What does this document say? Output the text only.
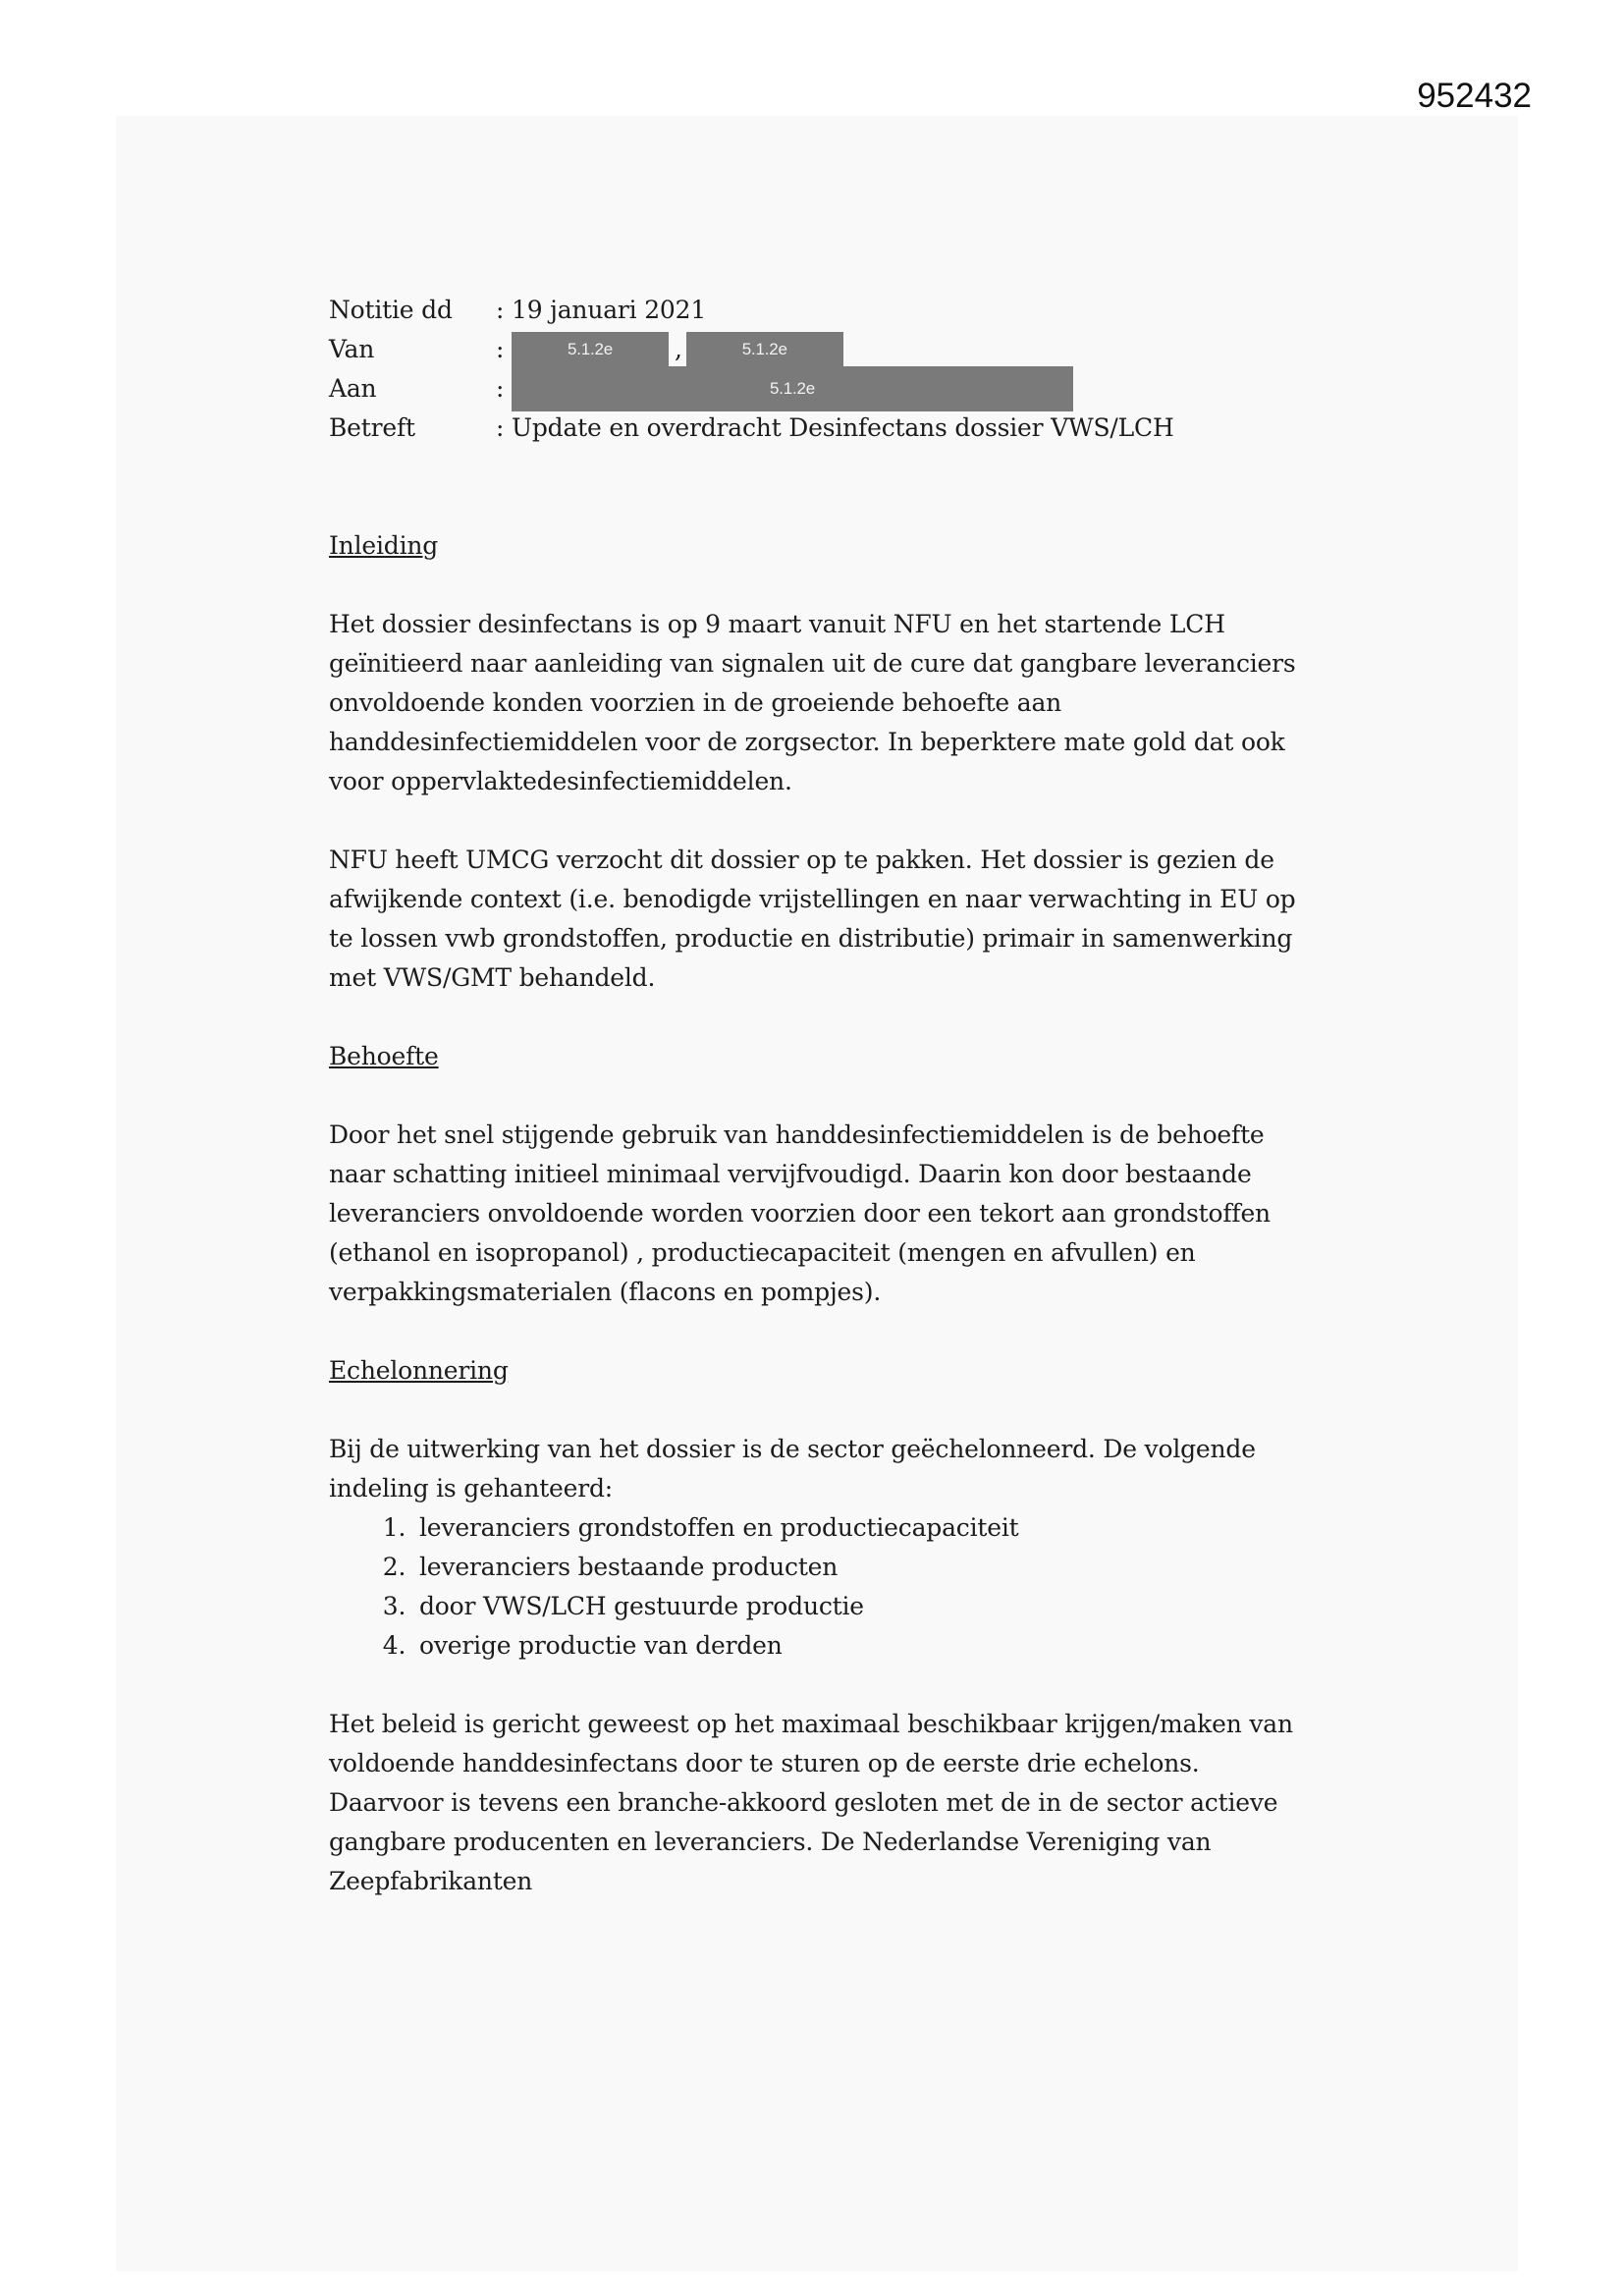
952432
Notitie dd	: 19 januari 2021
Van	:	5.1.2e	,	5.1.2e
Aan	:	5.1.2e
Betreft	: Update en overdracht Desinfectans dossier VWS/LCH
Inleiding

Het dossier desinfectans is op 9 maart vanuit NFU en het startende LCH geïnitieerd naar aanleiding van signalen uit de cure dat gangbare leveranciers onvoldoende konden voorzien in de groeiende behoefte aan handdesinfectiemiddelen voor de zorgsector. In beperktere mate gold dat ook voor oppervlaktedesinfectiemiddelen.

NFU heeft UMCG verzocht dit dossier op te pakken. Het dossier is gezien de afwijkende context (i.e. benodigde vrijstellingen en naar verwachting in EU op te lossen vwb grondstoffen, productie en distributie) primair in samenwerking met VWS/GMT behandeld.

Behoefte

Door het snel stijgende gebruik van handdesinfectiemiddelen is de behoefte naar schatting initieel minimaal vervijfvoudigd. Daarin kon door bestaande leveranciers onvoldoende worden voorzien door een tekort aan grondstoffen (ethanol en isopropanol) , productiecapaciteit (mengen en afvullen) en verpakkingsmaterialen (flacons en pompjes).

Echelonnering

Bij de uitwerking van het dossier is de sector geëchelonneerd. De volgende indeling is gehanteerd:

1. leveranciers grondstoffen en productiecapaciteit
2. leveranciers bestaande producten
3. door VWS/LCH gestuurde productie
4. overige productie van derden

Het beleid is gericht geweest op het maximaal beschikbaar krijgen/maken van voldoende handdesinfectans door te sturen op de eerste drie echelons. Daarvoor is tevens een branche-akkoord gesloten met de in de sector actieve gangbare producenten en leveranciers. De Nederlandse Vereniging van Zeepfabrikanten
